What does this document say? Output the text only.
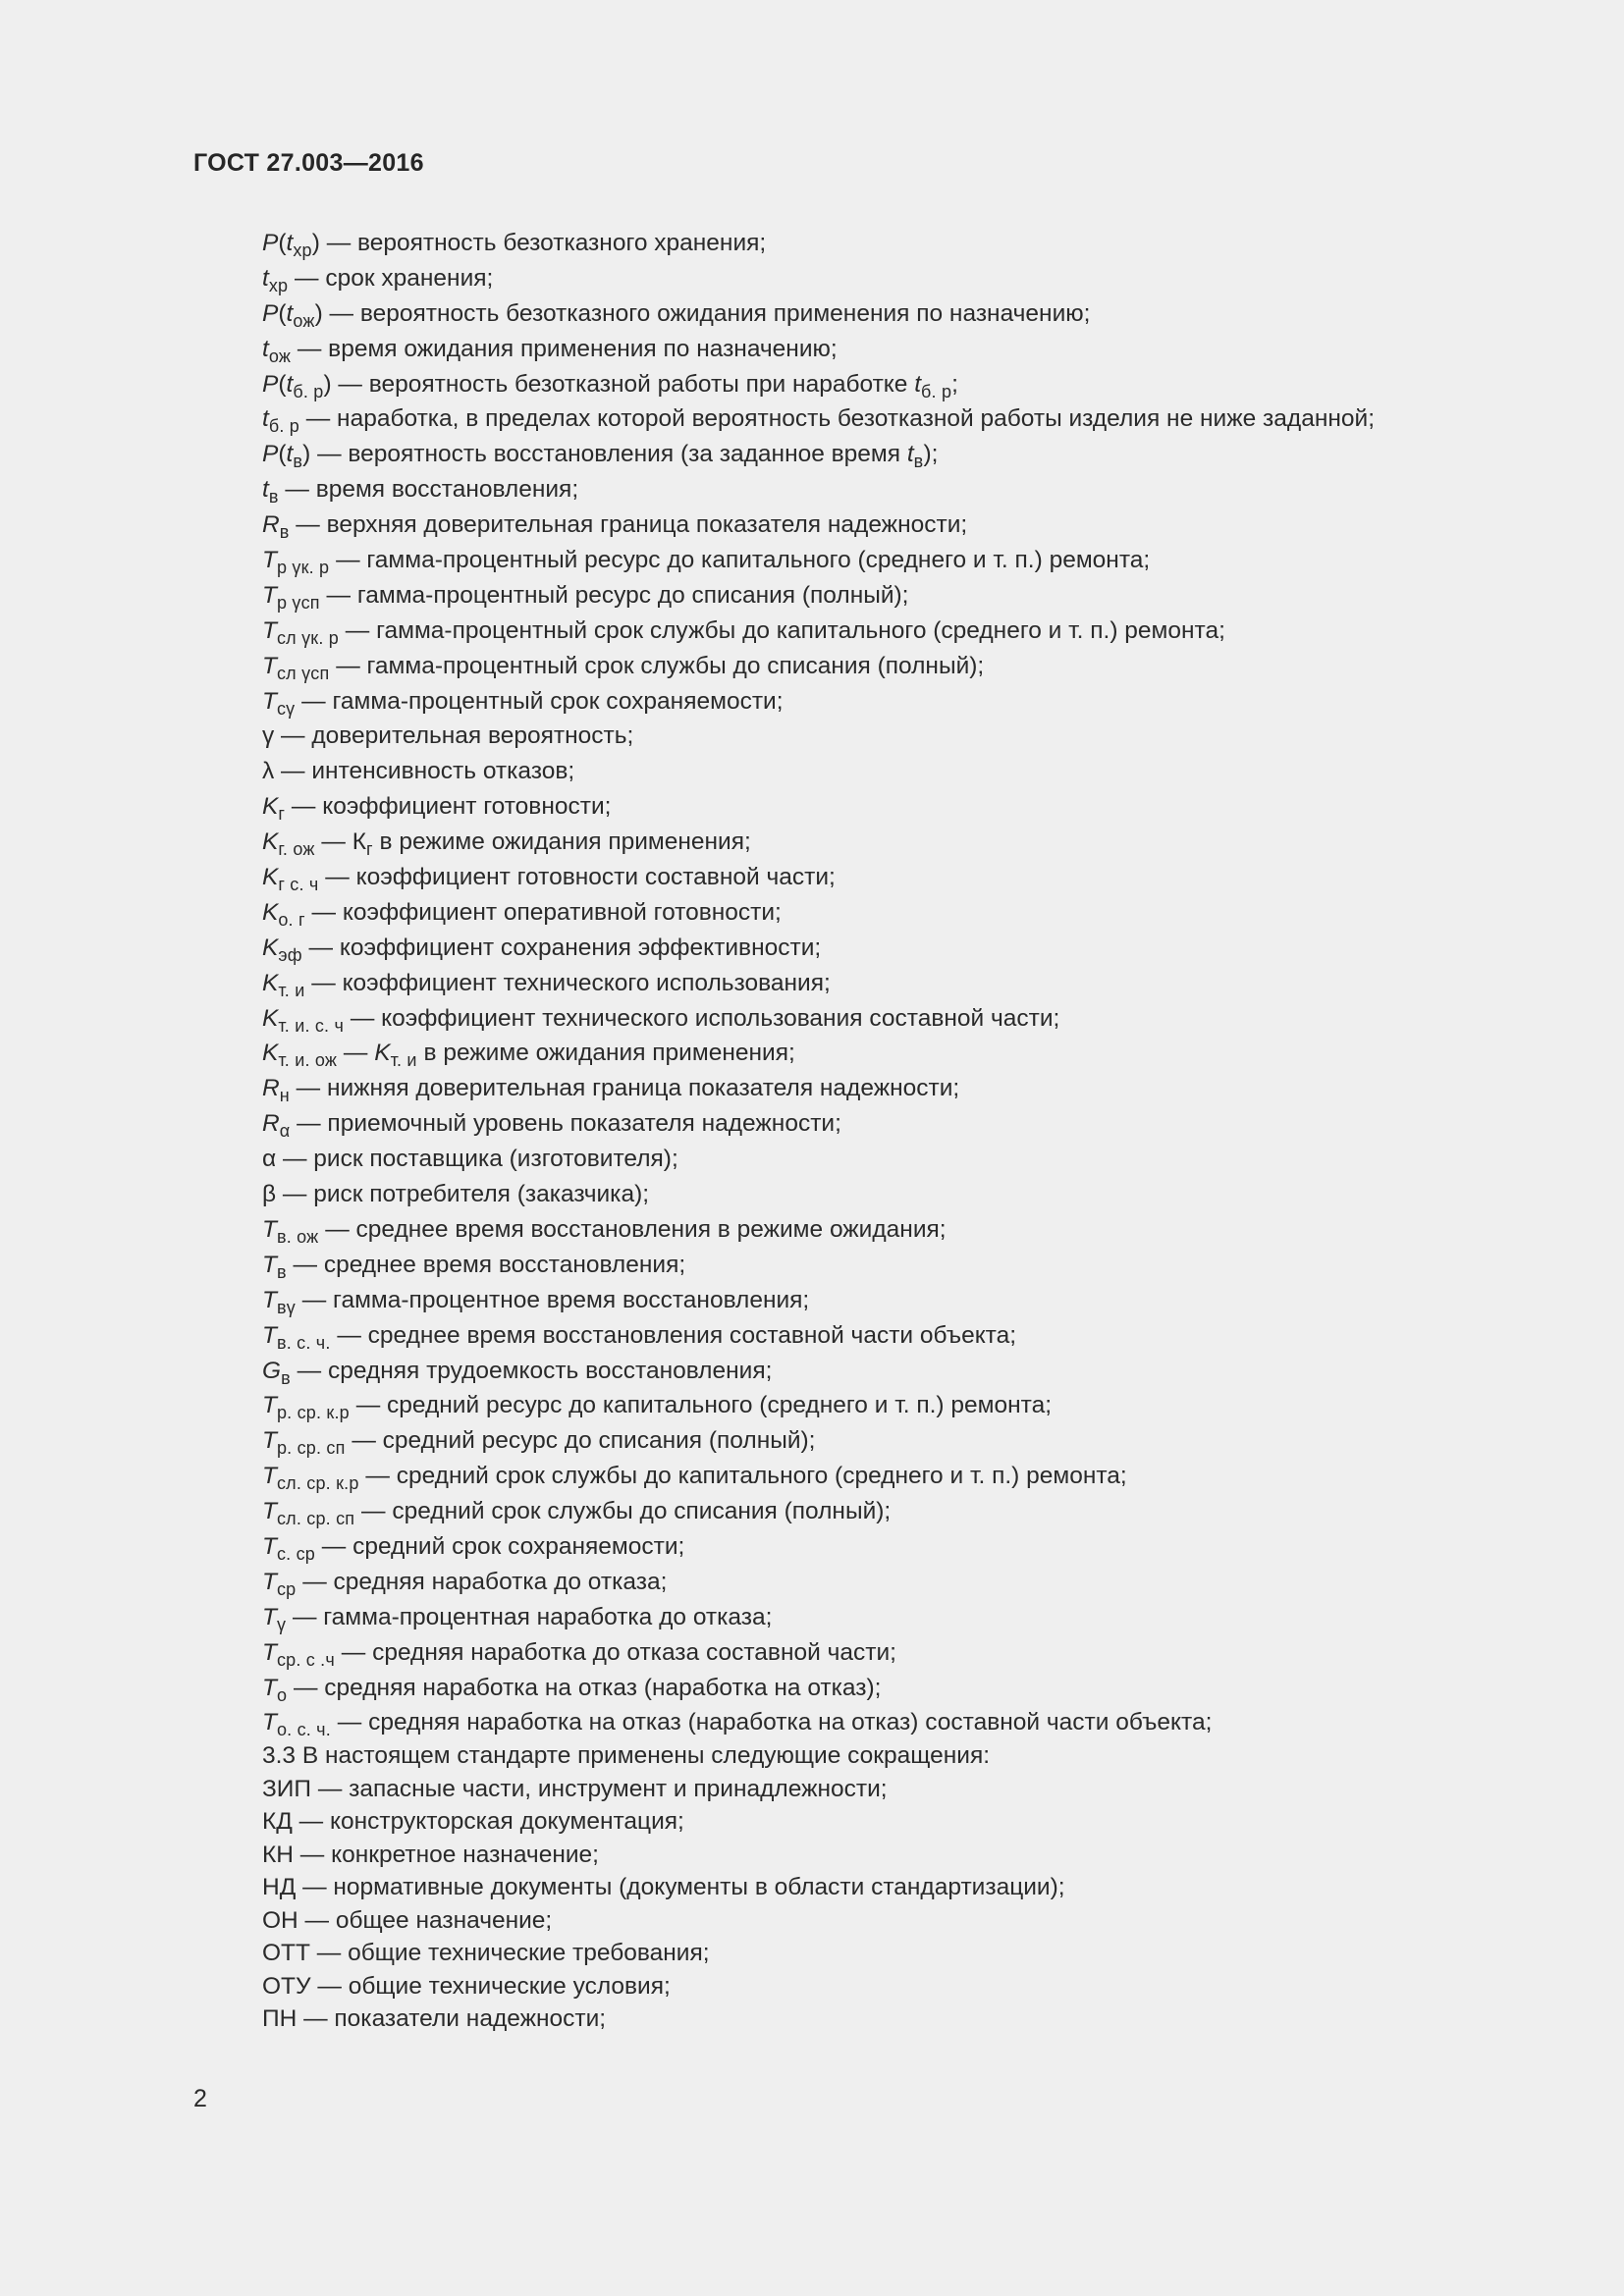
ГОСТ 27.003—2016
$P(t_{хр})$ — вероятность безотказного хранения;
$t_{хр}$ — срок хранения;
$P(t_{ож})$ — вероятность безотказного ожидания применения по назначению;
$t_{ож}$ — время ожидания применения по назначению;
$P(t_{б. р})$ — вероятность безотказной работы при наработке $t_{б. р}$;
$t_{б. р}$ — наработка, в пределах которой вероятность безотказной работы изделия не ниже заданной;
$P(t_в)$ — вероятность восстановления (за заданное время $t_в$);
$t_в$ — время восстановления;
$R_в$ — верхняя доверительная граница показателя надежности;
$T_{р \gamma к. р}$ — гамма-процентный ресурс до капитального (среднего и т. п.) ремонта;
$T_{р \gamma сп}$ — гамма-процентный ресурс до списания (полный);
$T_{сл \gamma к. р}$ — гамма-процентный срок службы до капитального (среднего и т. п.) ремонта;
$T_{сл \gamma сп}$ — гамма-процентный срок службы до списания (полный);
$T_{с\gamma}$ — гамма-процентный срок сохраняемости;
γ — доверительная вероятность;
λ — интенсивность отказов;
$K_г$ — коэффициент готовности;
$K_{г. ож}$ — $К_г$ в режиме ожидания применения;
$K_{г с. ч}$ — коэффициент готовности составной части;
$K_{о. г}$ — коэффициент оперативной готовности;
$K_{эф}$ — коэффициент сохранения эффективности;
$K_{т. и}$ — коэффициент технического использования;
$K_{т. и. с. ч}$ — коэффициент технического использования составной части;
$K_{т. и. ож}$ — $K_{т. и}$ в режиме ожидания применения;
$R_н$ — нижняя доверительная граница показателя надежности;
$R_\alpha$ — приемочный уровень показателя надежности;
α — риск поставщика (изготовителя);
β — риск потребителя (заказчика);
$T_{в. ож}$ — среднее время восстановления в режиме ожидания;
$T_в$ — среднее время восстановления;
$T_{в\gamma}$ — гамма-процентное время восстановления;
$T_{в. с. ч.}$ — среднее время восстановления составной части объекта;
$G_в$ — средняя трудоемкость восстановления;
$T_{р. ср. к.р}$ — средний ресурс до капитального (среднего и т. п.) ремонта;
$T_{р. ср. сп}$ — средний ресурс до списания (полный);
$T_{сл. ср. к.р}$ — средний срок службы до капитального (среднего и т. п.) ремонта;
$T_{сл. ср. сп}$ — средний срок службы до списания (полный);
$T_{с. ср}$ — средний срок сохраняемости;
$T_{ср}$ — средняя наработка до отказа;
$T_\gamma$ — гамма-процентная наработка до отказа;
$T_{ср. с .ч}$ — средняя наработка до отказа составной части;
$T_о$ — средняя наработка на отказ (наработка на отказ);
$T_{о. с. ч.}$ — средняя наработка на отказ (наработка на отказ) составной части объекта;
3.3 В настоящем стандарте применены следующие сокращения:
ЗИП — запасные части, инструмент и принадлежности;
КД — конструкторская документация;
КН — конкретное назначение;
НД — нормативные документы (документы в области стандартизации);
ОН — общее назначение;
ОТТ — общие технические требования;
ОТУ — общие технические условия;
ПН — показатели надежности;
2
